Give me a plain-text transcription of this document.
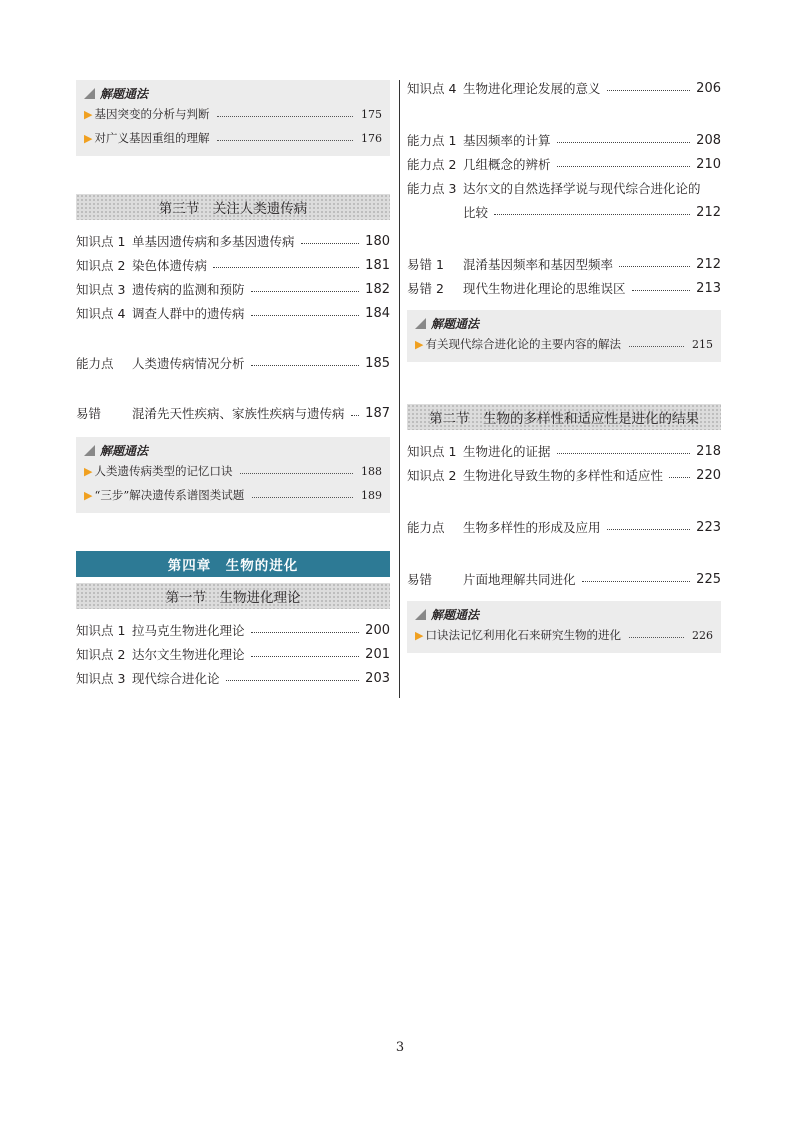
解题通法
▶ 基因突变的分析与判断	175
▶ 对广义基因重组的理解	176
第三节　关注人类遗传病
知识点 1 单基因遗传病和多基因遗传病	180
知识点 2 染色体遗传病	181
知识点 3 遗传病的监测和预防	182
知识点 4 调查人群中的遗传病	184
能力点	人类遗传病情况分析	185
易错	混淆先天性疾病、家族性疾病与遗传病 187
解题通法
▶ 人类遗传病类型的记忆口诀	188
▶ “三步”解决遗传系谱图类试题	189
第四章　生物的进化
第一节　生物进化理论
知识点 1 拉马克生物进化理论	200
知识点 2 达尔文生物进化理论	201
知识点 3 现代综合进化论	203
知识点 4 生物进化理论发展的意义	206
能力点 1 基因频率的计算	208
能力点 2 几组概念的辨析	210
能力点 3 达尔文的自然选择学说与现代综合进化论的
比较	212
易错 1	混淆基因频率和基因型频率	212
易错 2	现代生物进化理论的思维误区	213
解题通法
▶ 有关现代综合进化论的主要内容的解法	215
第二节　生物的多样性和适应性是进化的结果
知识点 1 生物进化的证据	218
知识点 2 生物进化导致生物的多样性和适应性	220
能力点	生物多样性的形成及应用	223
易错	片面地理解共同进化	225
解题通法
▶ 口诀法记忆利用化石来研究生物的进化	226
3
